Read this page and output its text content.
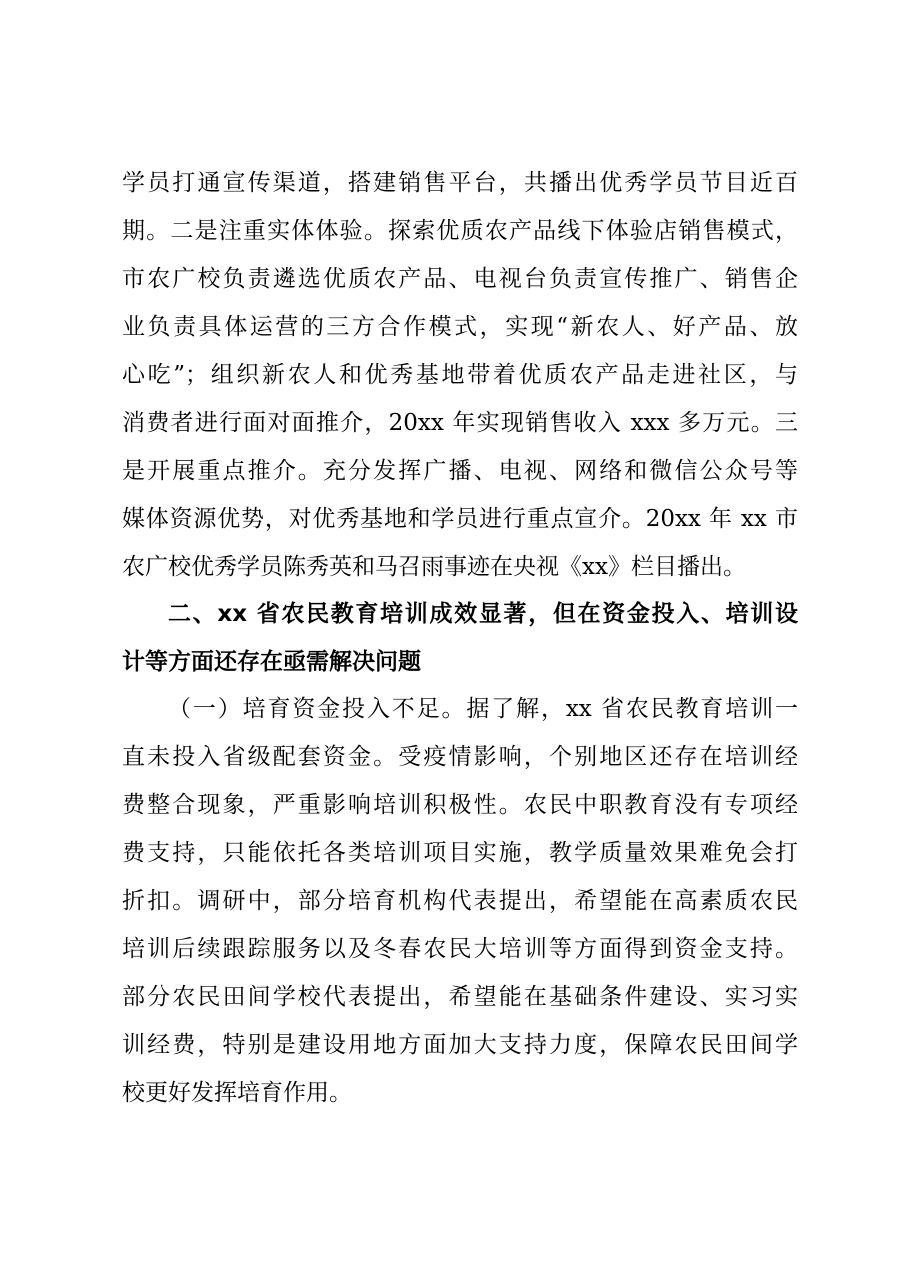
学员打通宣传渠道，搭建销售平台，共播出优秀学员节目近百
期。二是注重实体体验。探索优质农产品线下体验店销售模式，
市农广校负责遴选优质农产品、电视台负责宣传推广、销售企
业负责具体运营的三方合作模式，实现“新农人、好产品、放
心吃”；组织新农人和优秀基地带着优质农产品走进社区，与
消费者进行面对面推介，20xx 年实现销售收入 xxx 多万元。三
是开展重点推介。充分发挥广播、电视、网络和微信公众号等
媒体资源优势，对优秀基地和学员进行重点宣介。20xx 年 xx 市
农广校优秀学员陈秀英和马召雨事迹在央视《xx》栏目播出。
二、xx 省农民教育培训成效显著，但在资金投入、培训设
计等方面还存在亟需解决问题
（一）培育资金投入不足。据了解，xx 省农民教育培训一
直未投入省级配套资金。受疫情影响，个别地区还存在培训经
费整合现象，严重影响培训积极性。农民中职教育没有专项经
费支持，只能依托各类培训项目实施，教学质量效果难免会打
折扣。调研中，部分培育机构代表提出，希望能在高素质农民
培训后续跟踪服务以及冬春农民大培训等方面得到资金支持。
部分农民田间学校代表提出，希望能在基础条件建设、实习实
训经费，特别是建设用地方面加大支持力度，保障农民田间学
校更好发挥培育作用。
